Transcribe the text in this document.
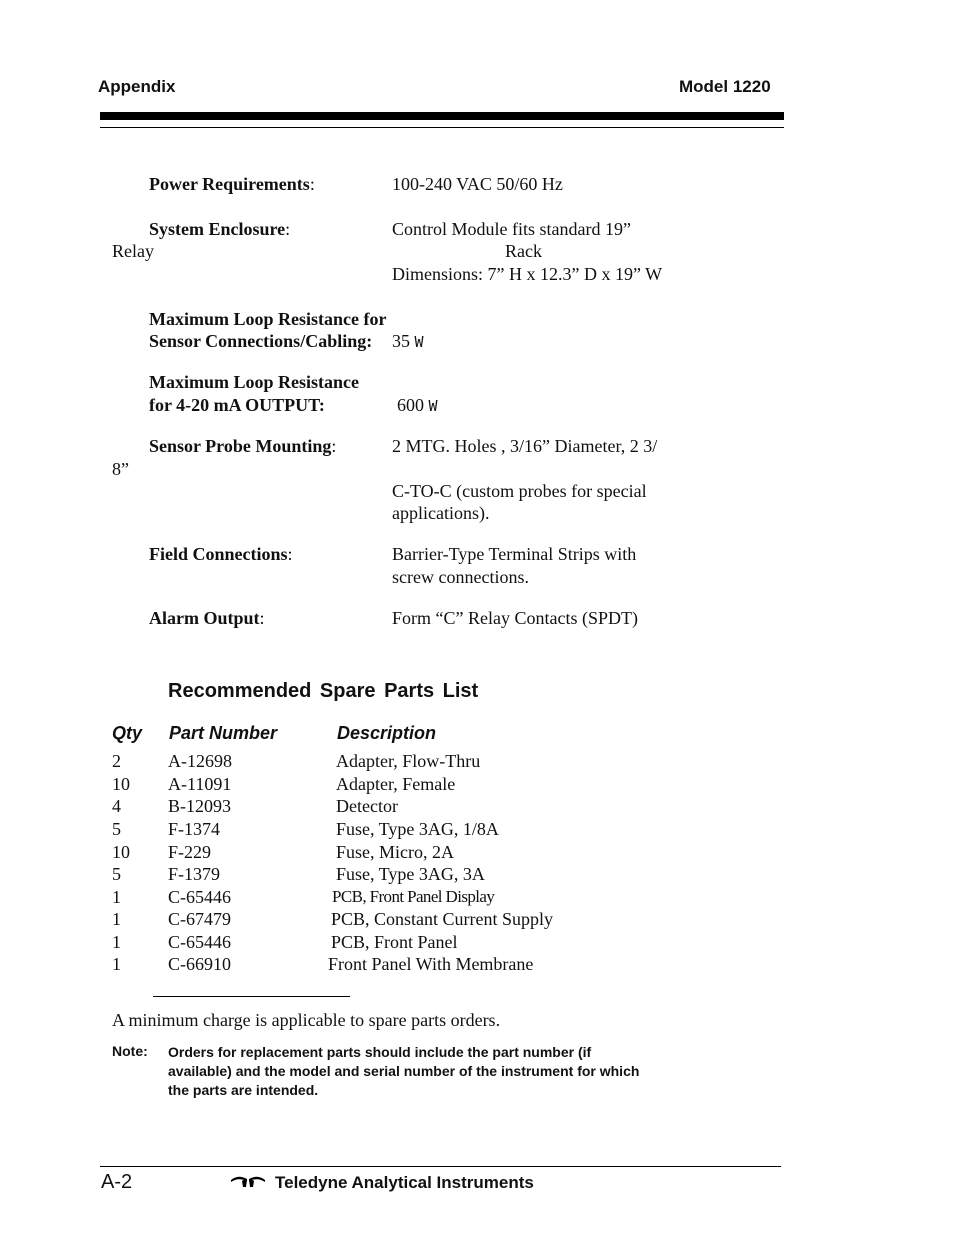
Appendix	Model 1220
Power Requirements:	100-240 VAC 50/60 Hz
System Enclosure:	Control Module fits standard 19”
Relay	Rack
Dimensions: 7” H x 12.3” D x 19” W
Maximum Loop Resistance for
Sensor Connections/Cabling: 35 W
Maximum Loop Resistance
for 4-20 mA OUTPUT:	600 W
Sensor Probe Mounting:	2 MTG. Holes , 3/16” Diameter, 2 3/
8”
C-TO-C (custom probes for special
applications).
Field Connections:	Barrier-Type Terminal Strips with
screw connections.
Alarm Output:	Form “C” Relay Contacts (SPDT)
Recommended Spare Parts List
Qty Part Number	Description
2	A-12698	Adapter, Flow-Thru
10 A-11091	Adapter, Female
4	B-12093	Detector
5	F-1374	Fuse, Type 3AG, 1/8A
10 F-229	Fuse, Micro, 2A
5	F-1379	Fuse, Type 3AG, 3A
1	C-65446	PCB, Front Panel Display
1	C-67479	PCB, Constant Current Supply
1	C-65446	PCB, Front Panel
1	C-66910	Front Panel With Membrane
A minimum charge is applicable to spare parts orders.
Note: Orders for replacement parts should include the part number (if available) and the model and serial number of the instrument for which the parts are intended.
A-2	Teledyne Analytical Instruments
